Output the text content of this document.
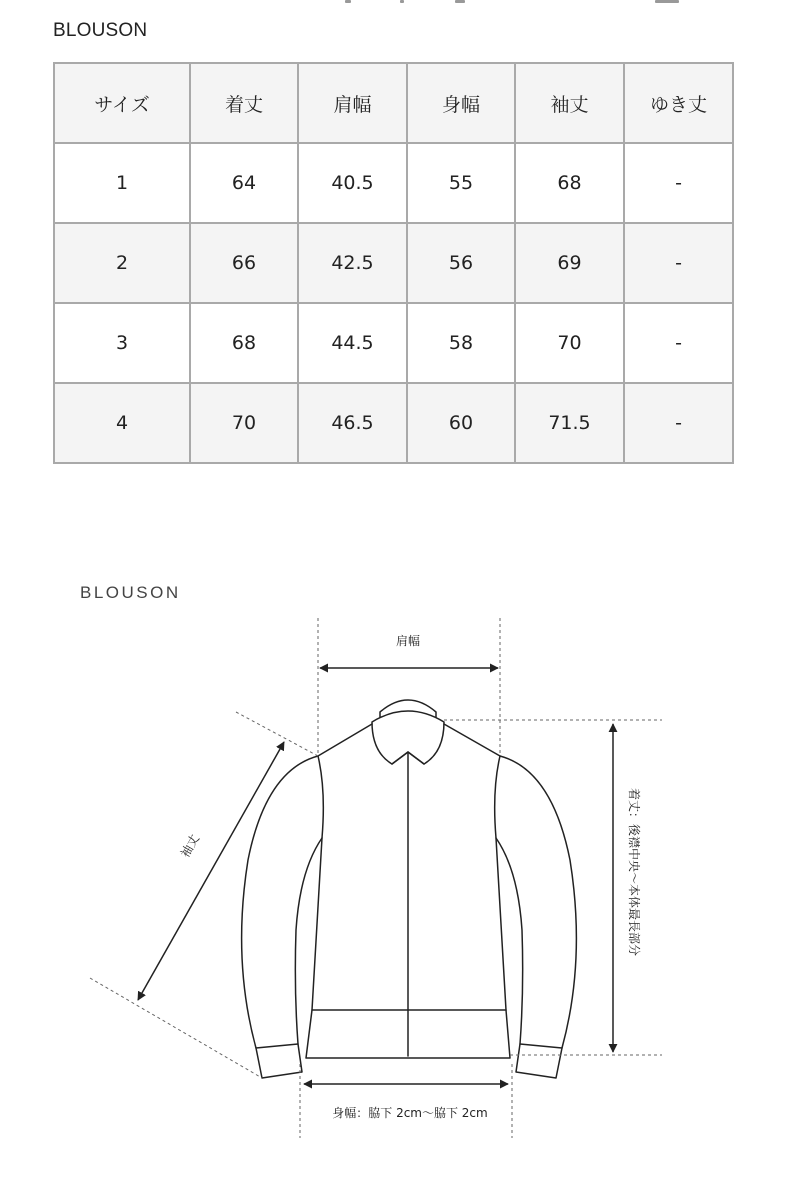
BLOUSON
サイズ	着丈	肩幅	身幅	袖丈	ゆき丈
1	64	40.5	55	68	-
2	66	42.5	56	69	-
3	68	44.5	58	70	-
4	70	46.5	60	71.5	-
BLOUSON
肩幅
袖丈	着丈：後襟中央～本体最長部分
身幅：脇下 2cm～脇下 2cm
